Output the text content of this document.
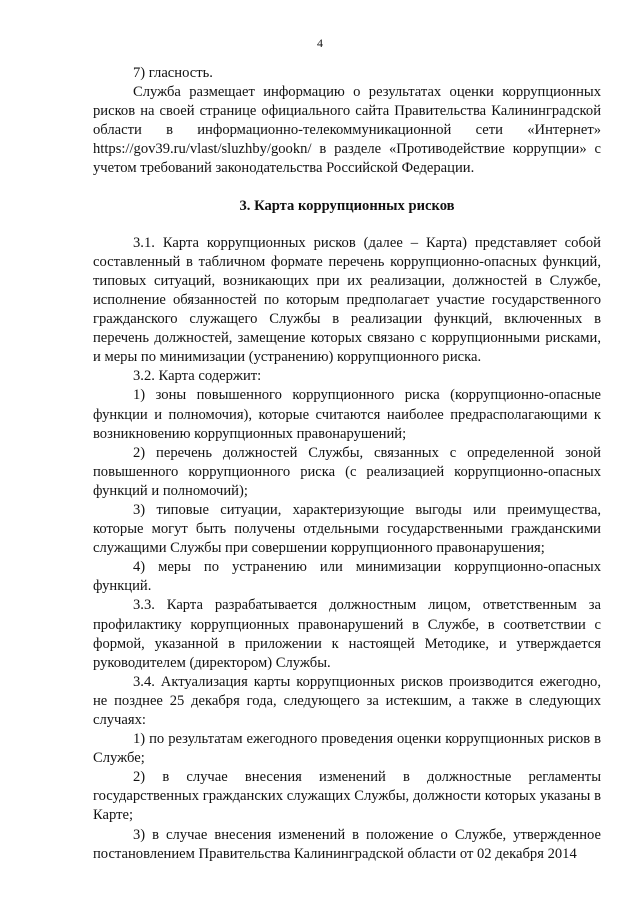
4

7) гласность.

Служба размещает информацию о результатах оценки коррупционных рисков на своей странице официального сайта Правительства Калининградской области в информационно-телекоммуникационной сети «Интернет» https://gov39.ru/vlast/sluzhby/gookn/ в разделе «Противодействие коррупции» с учетом требований законодательства Российской Федерации.

3. Карта коррупционных рисков

3.1. Карта коррупционных рисков (далее – Карта) представляет собой составленный в табличном формате перечень коррупционно-опасных функций, типовых ситуаций, возникающих при их реализации, должностей в Службе, исполнение обязанностей по которым предполагает участие государственного гражданского служащего Службы в реализации функций, включенных в перечень должностей, замещение которых связано с коррупционными рисками, и меры по минимизации (устранению) коррупционного риска.

3.2. Карта содержит:

1) зоны повышенного коррупционного риска (коррупционно-опасные функции и полномочия), которые считаются наиболее предрасполагающими к возникновению коррупционных правонарушений;

2) перечень должностей Службы, связанных с определенной зоной повышенного коррупционного риска (с реализацией коррупционно-опасных функций и полномочий);

3) типовые ситуации, характеризующие выгоды или преимущества, которые могут быть получены отдельными государственными гражданскими служащими Службы при совершении коррупционного правонарушения;

4) меры по устранению или минимизации коррупционно-опасных функций.

3.3. Карта разрабатывается должностным лицом, ответственным за профилактику коррупционных правонарушений в Службе, в соответствии с формой, указанной в приложении к настоящей Методике, и утверждается руководителем (директором) Службы.

3.4. Актуализация карты коррупционных рисков производится ежегодно, не позднее 25 декабря года, следующего за истекшим, а также в следующих случаях:

1) по результатам ежегодного проведения оценки коррупционных рисков в Службе;

2) в случае внесения изменений в должностные регламенты государственных гражданских служащих Службы, должности которых указаны в Карте;

3) в случае внесения изменений в положение о Службе, утвержденное постановлением Правительства Калининградской области от 02 декабря 2014
